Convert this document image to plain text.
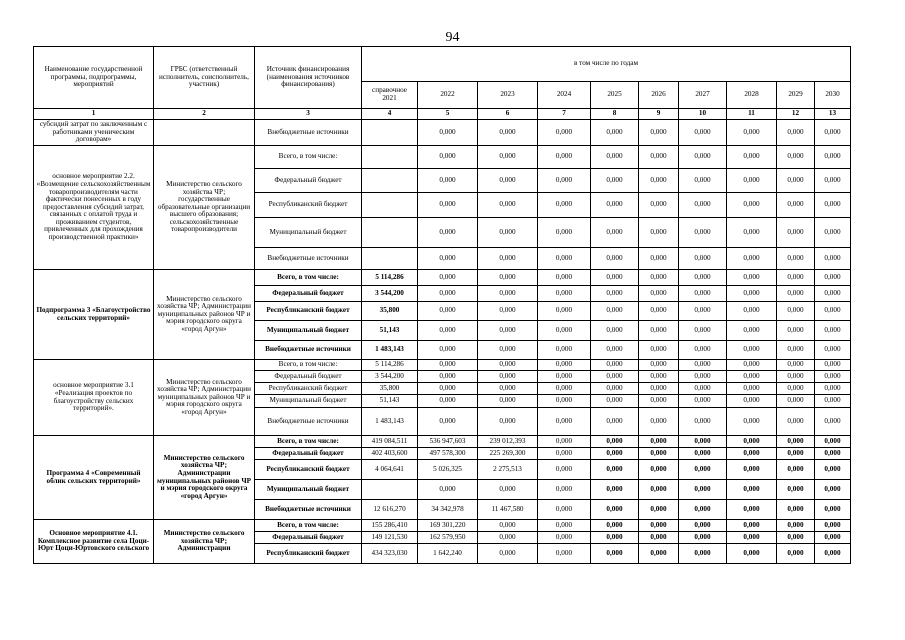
94
Наименование государственной программы, подпрограммы, мероприятий	ГРБС (ответственный исполнитель, соисполнитель, участник)	Источник финансирования (наименования источников финансирования)	в том числе по годам									
			справочное 2021	2022	2023	2024	2025	2026	2027	2028	2029	2030
1	2	3	4	5	6	7	8	9	10	11	12	13
субсидий затрат по заключенным с работниками ученическим договорам»		Внебюджетные источники		0,000	0,000	0,000	0,000	0,000	0,000	0,000	0,000	0,000
основное мероприятие 2.2. «Возмещение сельскохозяйственным товаропроизводителям части фактически понесенных в году предоставления субсидий затрат, связанных с оплатой труда и проживанием студентов, привлеченных для прохождения производственной практики»	Министерство сельского хозяйства ЧР; государственные образовательные организации высшего образования; сельскохозяйственные товаропроизводители	Всего, в том числе:		0,000	0,000	0,000	0,000	0,000	0,000	0,000	0,000	0,000
		Федеральный бюджет		0,000	0,000	0,000	0,000	0,000	0,000	0,000	0,000	0,000
		Республиканский бюджет		0,000	0,000	0,000	0,000	0,000	0,000	0,000	0,000	0,000
		Муниципальный бюджет		0,000	0,000	0,000	0,000	0,000	0,000	0,000	0,000	0,000
		Внебюджетные источники		0,000	0,000	0,000	0,000	0,000	0,000	0,000	0,000	0,000
Подпрограмма 3 «Благоустройство сельских территорий»	Министерство сельского хозяйства ЧР; Администрации муниципальных районов ЧР и мэрия городского округа «город Аргун»	Всего, в том числе:	5 114,286	0,000	0,000	0,000	0,000	0,000	0,000	0,000	0,000	0,000
		Федеральный бюджет	3 544,200	0,000	0,000	0,000	0,000	0,000	0,000	0,000	0,000	0,000
		Республиканский бюджет	35,800	0,000	0,000	0,000	0,000	0,000	0,000	0,000	0,000	0,000
		Муниципальный бюджет	51,143	0,000	0,000	0,000	0,000	0,000	0,000	0,000	0,000	0,000
		Внебюджетные источники	1 483,143	0,000	0,000	0,000	0,000	0,000	0,000	0,000	0,000	0,000
основное мероприятие 3.1 «Реализация проектов по благоустройству сельских территорий».	Министерство сельского хозяйства ЧР; Администрации муниципальных районов ЧР и мэрия городского округа «город Аргун»	Всего, в том числе:	5 114,286	0,000	0,000	0,000	0,000	0,000	0,000	0,000	0,000	0,000
		Федеральный бюджет	3 544,200	0,000	0,000	0,000	0,000	0,000	0,000	0,000	0,000	0,000
		Республиканский бюджет	35,800	0,000	0,000	0,000	0,000	0,000	0,000	0,000	0,000	0,000
		Муниципальный бюджет	51,143	0,000	0,000	0,000	0,000	0,000	0,000	0,000	0,000	0,000
		Внебюджетные источники	1 483,143	0,000	0,000	0,000	0,000	0,000	0,000	0,000	0,000	0,000
Программа 4 «Современный облик сельских территорий»	Министерство сельского хозяйства ЧР; Администрации муниципальных районов ЧР и мэрия городского округа «город Аргун»	Всего, в том числе:	419 084,511	536 947,603	239 012,393	0,000	0,000	0,000	0,000	0,000	0,000	0,000
		Федеральный бюджет	402 403,600	497 578,300	225 269,300	0,000	0,000	0,000	0,000	0,000	0,000	0,000
		Республиканский бюджет	4 064,641	5 026,325	2 275,513	0,000	0,000	0,000	0,000	0,000	0,000	0,000
		Муниципальный бюджет		0,000	0,000	0,000	0,000	0,000	0,000	0,000	0,000	0,000
		Внебюджетные источники	12 616,270	34 342,978	11 467,580	0,000	0,000	0,000	0,000	0,000	0,000	0,000
Основное мероприятие 4.1. Комплексное развитие села Цоци-Юрт Цоци-Юртовского сельского	Министерство сельского хозяйства ЧР; Администрации	Всего, в том числе:	155 286,410	169 301,220	0,000	0,000	0,000	0,000	0,000	0,000	0,000	0,000
		Федеральный бюджет	149 121,530	162 579,950	0,000	0,000	0,000	0,000	0,000	0,000	0,000	0,000
		Республиканский бюджет	434 323,030	1 642,240	0,000	0,000	0,000	0,000	0,000	0,000	0,000	0,000
